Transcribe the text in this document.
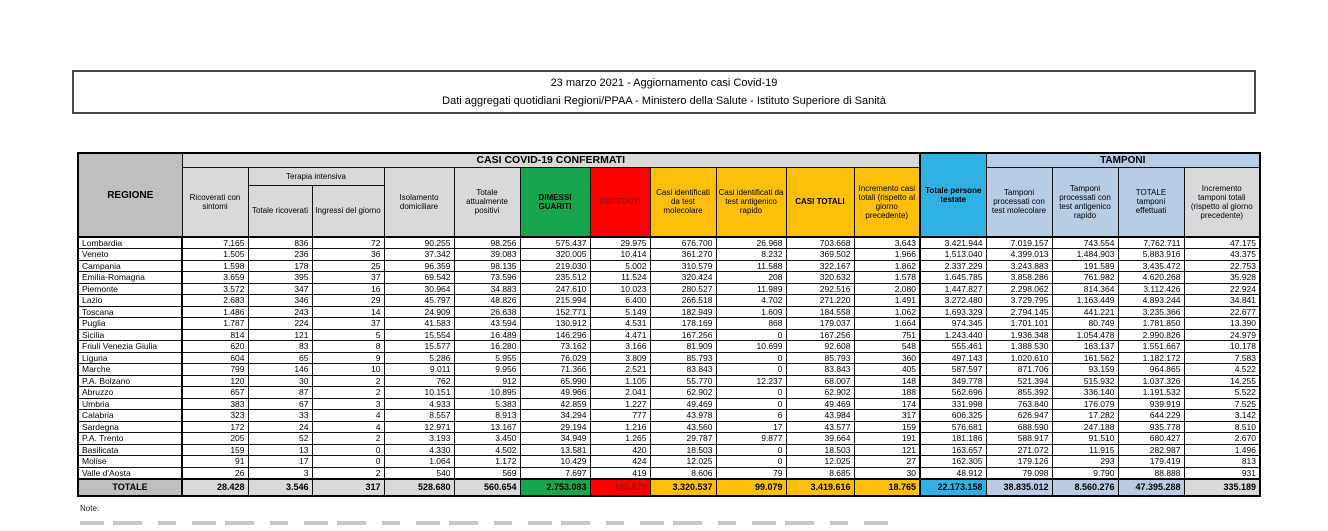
23 marzo 2021 - Aggiornamento casi Covid-19
Dati aggregati quotidiani Regioni/PPAA - Ministero della Salute - Istituto Superiore di Sanità
REGIONE	CASI COVID-19 CONFERMATI											Totale persone testate	TAMPONI			
	Ricoverati con sintomi	Terapia intensiva		Isolamento domiciliare	Totale attualmente positivi	DIMESSI GUARITI	DECEDUTI	Casi identificati da test molecolare	Casi identificati da test antigenico rapido	CASI TOTALI	Incremento casi totali (rispetto al giorno precedente)		Tamponi processati con test molecolare	Tamponi processati con test antigenico rapido	TOTALE tamponi effettuati	Incremento tamponi totali (rispetto al giorno precedente)
		Totale ricoverati	Ingressi del giorno													
Lombardia	7.165	836	72	90.255	98.256	575.437	29.975	676.700	26.968	703.668	3.643	3.421.944	7.019.157	743.554	7.762.711	47.175
Veneto	1.505	236	36	37.342	39.083	320.005	10.414	361.270	8.232	369.502	1.966	1.513.040	4.399.013	1.484.903	5.883.916	43.375
Campania	1.598	178	25	96.359	98.135	219.030	5.002	310.579	11.588	322.167	1.862	2.337.229	3.243.883	191.589	3.435.472	22.753
Emilia-Romagna	3.659	395	37	69.542	73.596	235.512	11.524	320.424	208	320.632	1.578	1.645.785	3.858.286	761.982	4.620.268	35.928
Piemonte	3.572	347	16	30.964	34.883	247.610	10.023	280.527	11.989	292.516	2.080	1.447.827	2.298.062	814.364	3.112.426	22.924
Lazio	2.683	346	29	45.797	48.826	215.994	6.400	266.518	4.702	271.220	1.491	3.272.480	3.729.795	1.163.449	4.893.244	34.841
Toscana	1.486	243	14	24.909	26.638	152.771	5.149	182.949	1.609	184.558	1.062	1.693.329	2.794.145	441.221	3.235.366	22.677
Puglia	1.787	224	37	41.583	43.594	130.912	4.531	178.169	868	179.037	1.664	974.345	1.701.101	80.749	1.781.850	13.390
Sicilia	814	121	5	15.554	16.489	146.296	4.471	167.256	0	167.256	751	1.243.440	1.936.348	1.054.478	2.990.826	24.979
Friuli Venezia Giulia	620	83	8	15.577	16.280	73.162	3.166	81.909	10.699	92.608	548	555.461	1.388.530	163.137	1.551.667	10.178
Liguria	604	65	9	5.286	5.955	76.029	3.809	85.793	0	85.793	360	497.143	1.020.610	161.562	1.182.172	7.583
Marche	799	146	10	9.011	9.956	71.366	2.521	83.843	0	83.843	405	587.597	871.706	93.159	964.865	4.522
P.A. Bolzano	120	30	2	762	912	65.990	1.105	55.770	12.237	68.007	148	349.778	521.394	515.932	1.037.326	14.255
Abruzzo	657	87	2	10.151	10.895	49.966	2.041	62.902	0	62.902	188	562.696	855.392	336.140	1.191.532	5.522
Umbria	383	67	3	4.933	5.383	42.859	1.227	49.469	0	49.469	174	331.998	763.840	176.079	939.919	7.525
Calabria	323	33	4	8.557	8.913	34.294	777	43.978	6	43.984	317	606.325	626.947	17.282	644.229	3.142
Sardegna	172	24	4	12.971	13.167	29.194	1.216	43.560	17	43.577	159	576.681	688.590	247.188	935.778	8.510
P.A. Trento	205	52	2	3.193	3.450	34.949	1.265	29.787	9.877	39.664	191	181.186	588.917	91.510	680.427	2.670
Basilicata	159	13	0	4.330	4.502	13.581	420	18.503	0	18.503	121	163.657	271.072	11.915	282.987	1.496
Molise	91	17	0	1.064	1.172	10.429	424	12.025	0	12.025	27	162.305	179.126	293	179.419	813
Valle d'Aosta	26	3	2	540	569	7.697	419	8.606	79	8.685	30	48.912	79.098	9.790	88.888	931
TOTALE	28.428	3.546	317	528.680	560.654	2.753.083	105.879	3.320.537	99.079	3.419.616	18.765	22.173.158	38.835.012	8.560.276	47.395.288	335.189
Note:
